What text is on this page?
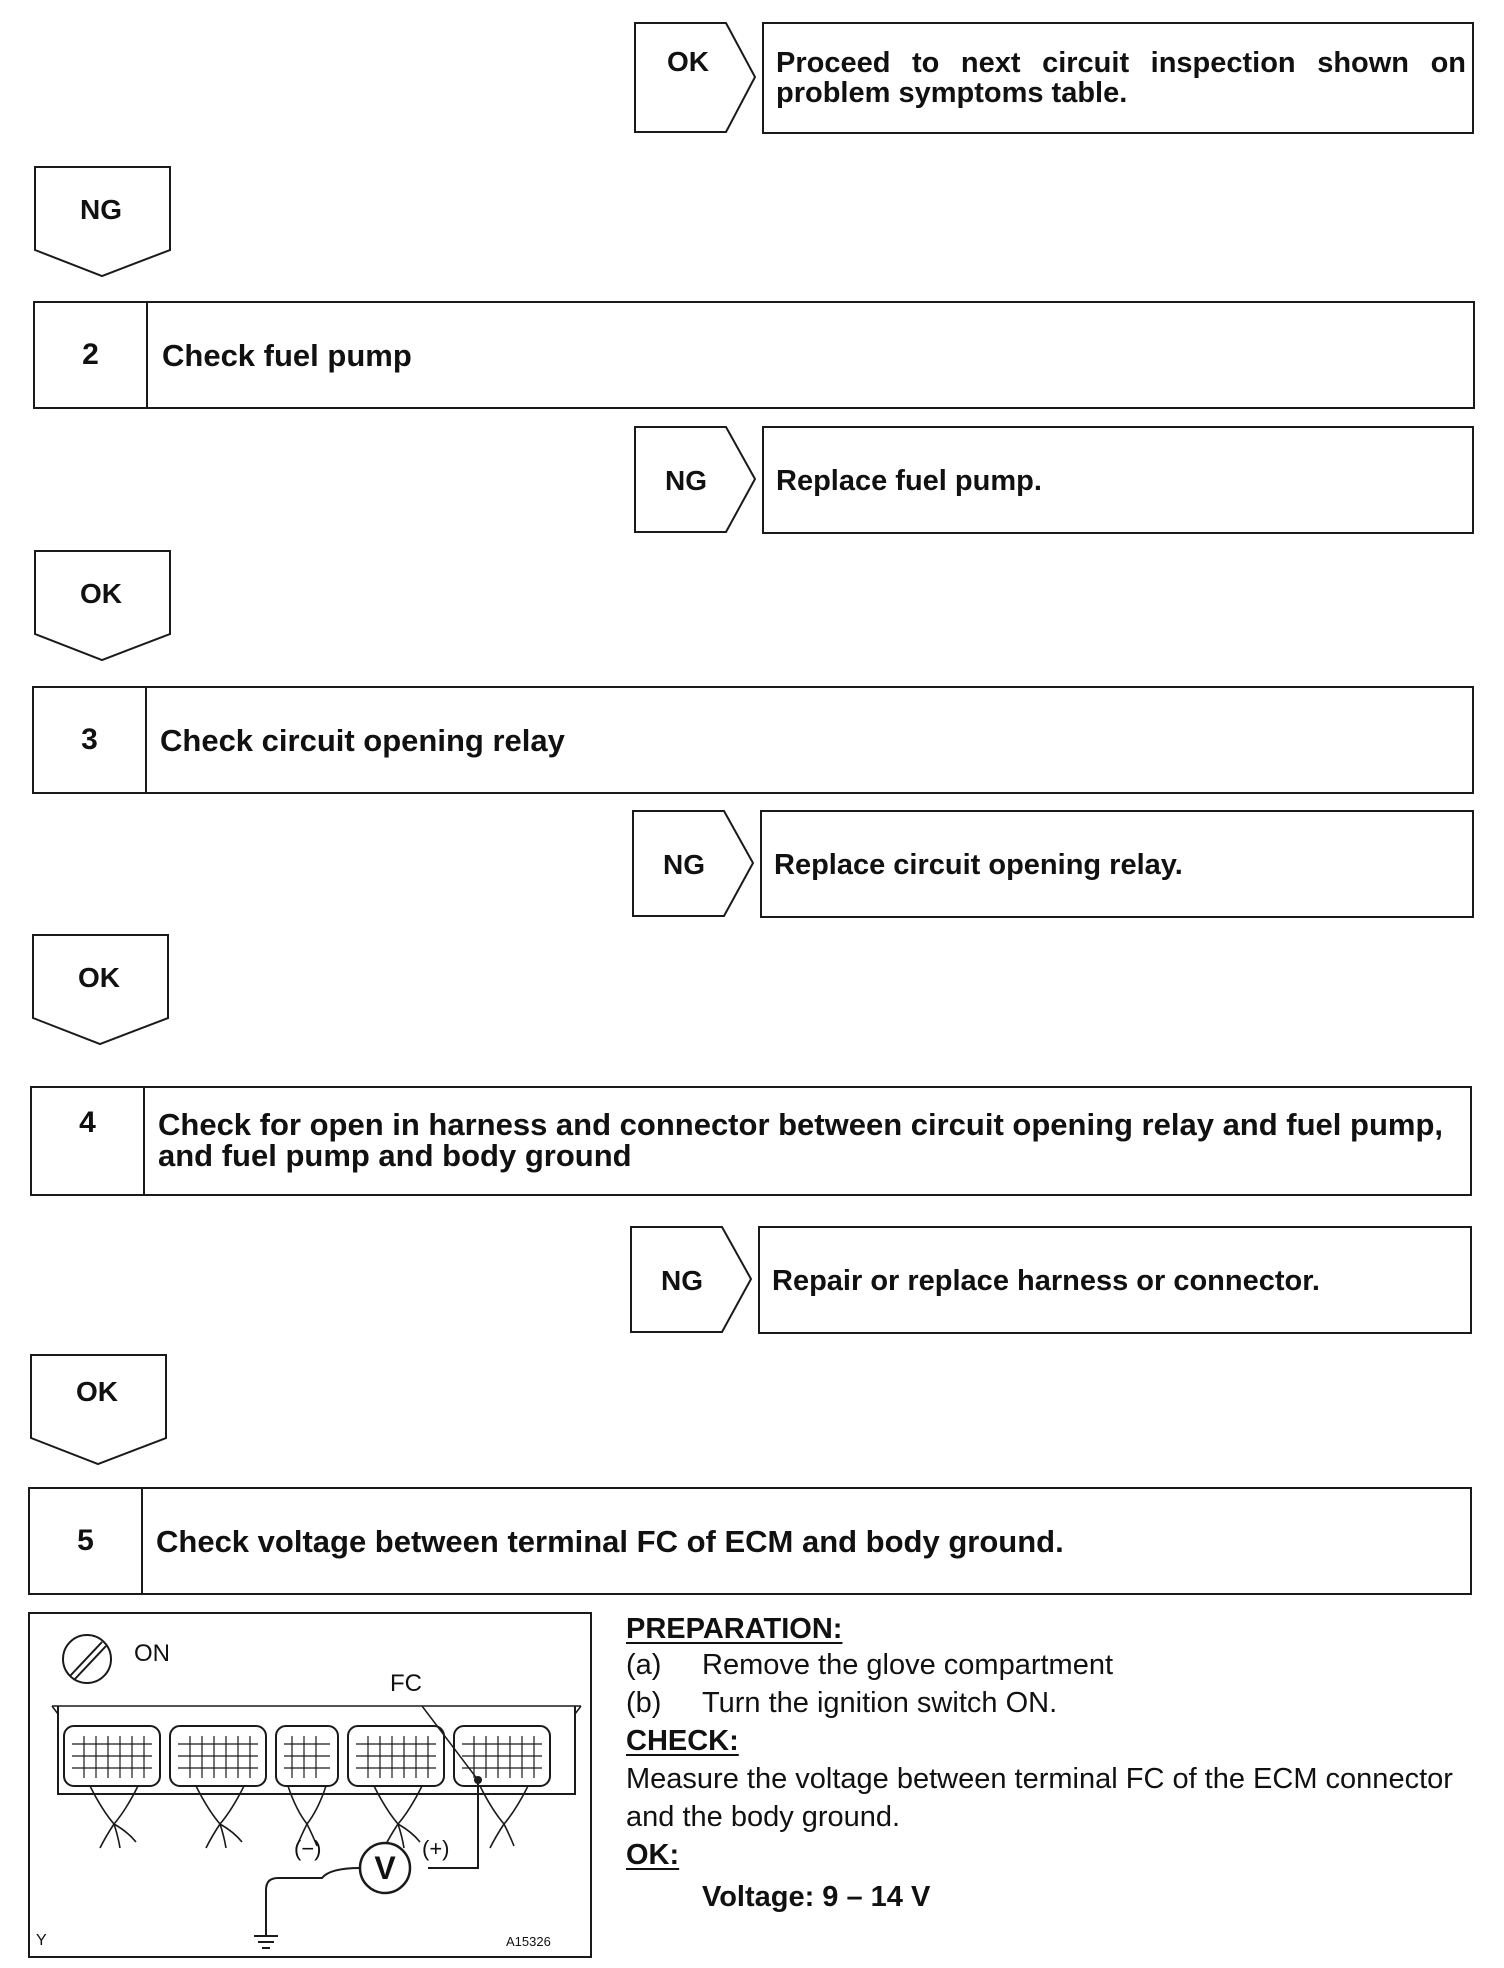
OK	Proceed to next circuit inspection shown on problem symptoms table.
NG
2	Check fuel pump
NG	Replace fuel pump.
OK
3	Check circuit opening relay
NG	Replace circuit opening relay.
OK
4	Check for open in harness and connector between circuit opening relay and fuel pump, and fuel pump and body ground
NG	Repair or replace harness or connector.
OK
5	Check voltage between terminal FC of ECM and body ground.
ON
FC
(−)	(+)
V
Y	A15326
PREPARATION:
(a) Remove the glove compartment
(b) Turn the ignition switch ON.
CHECK:
Measure the voltage between terminal FC of the ECM connector and the body ground.
OK:
Voltage: 9 – 14 V
